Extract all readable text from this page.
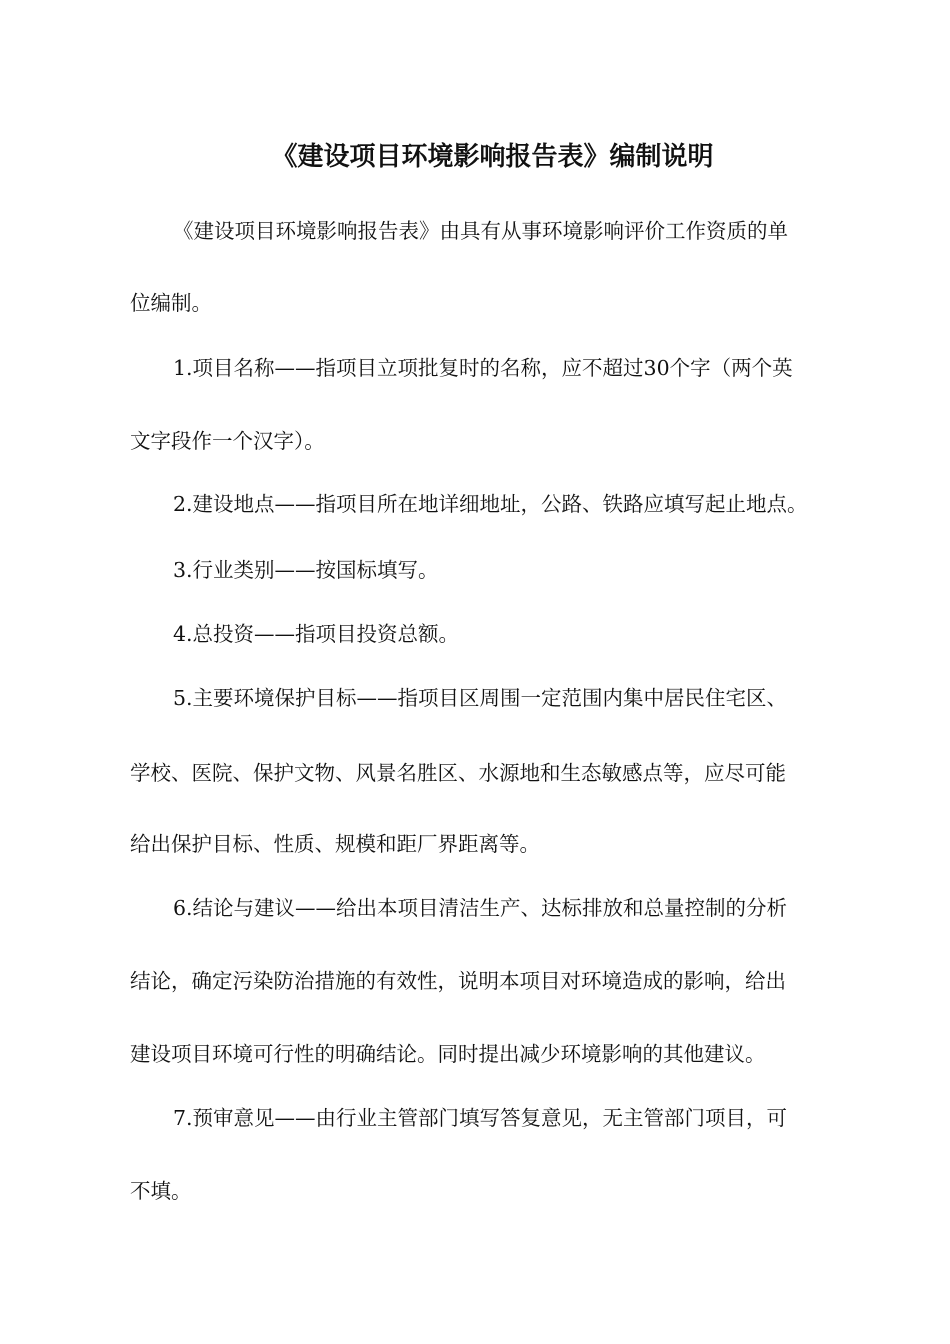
《建设项目环境影响报告表》编制说明
《建设项目环境影响报告表》由具有从事环境影响评价工作资质的单
位编制。
1.项目名称——指项目立项批复时的名称，应不超过30个字（两个英
文字段作一个汉字）。
2.建设地点——指项目所在地详细地址，公路、铁路应填写起止地点。
3.行业类别——按国标填写。
4.总投资——指项目投资总额。
5.主要环境保护目标——指项目区周围一定范围内集中居民住宅区、
学校、医院、保护文物、风景名胜区、水源地和生态敏感点等，应尽可能
给出保护目标、性质、规模和距厂界距离等。
6.结论与建议——给出本项目清洁生产、达标排放和总量控制的分析
结论，确定污染防治措施的有效性，说明本项目对环境造成的影响，给出
建设项目环境可行性的明确结论。同时提出减少环境影响的其他建议。
7.预审意见——由行业主管部门填写答复意见，无主管部门项目，可
不填。
